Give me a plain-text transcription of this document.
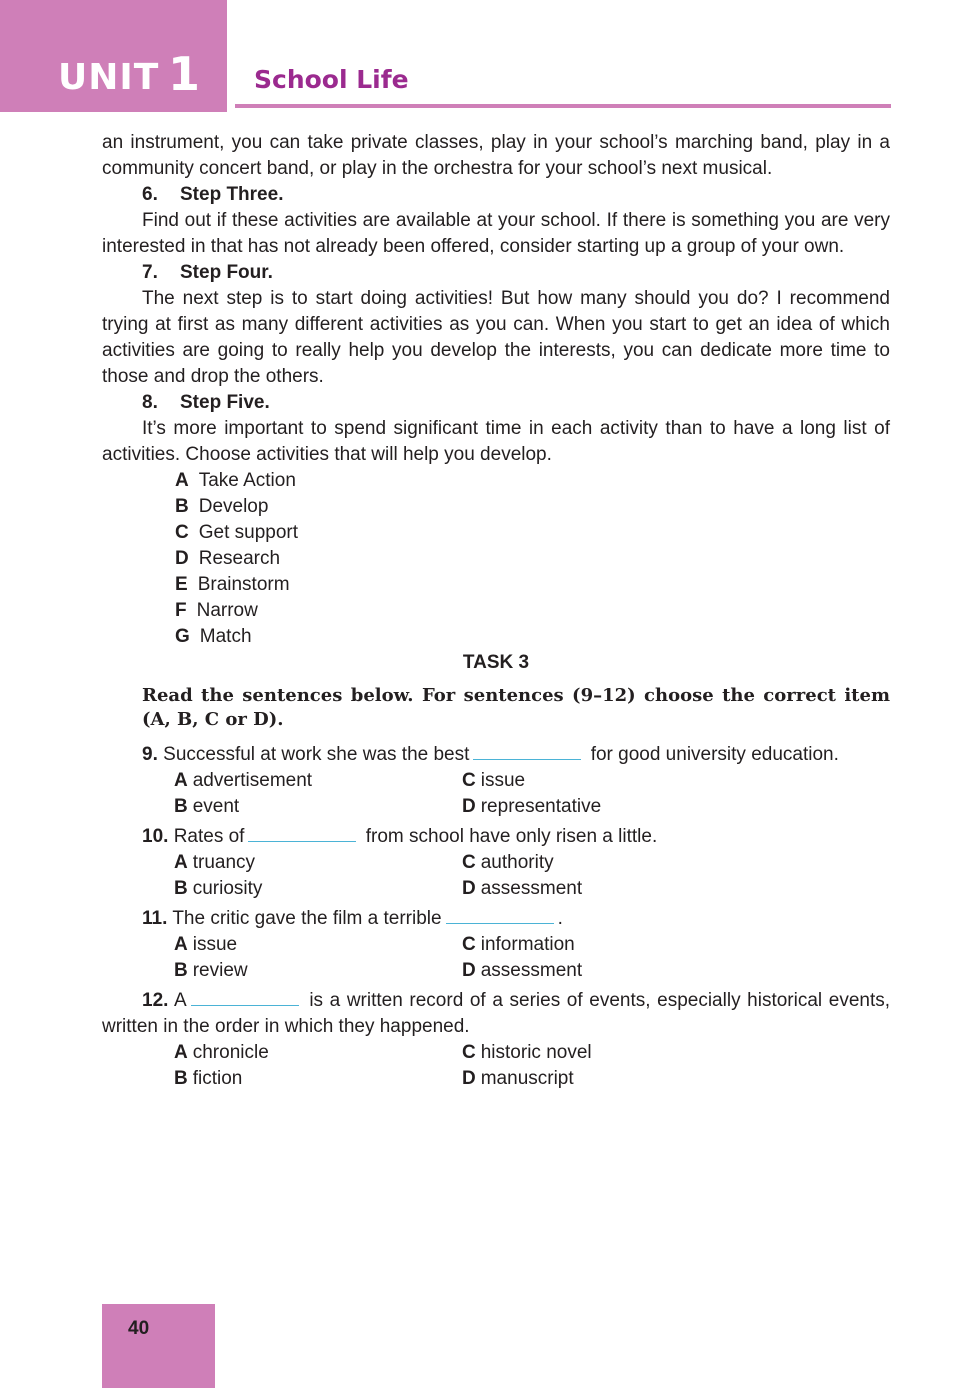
UNIT 1 School Life
an instrument, you can take private classes, play in your school’s marching band, play in a community concert band, or play in the orchestra for your school’s next musical.
6. Step Three.
Find out if these activities are available at your school. If there is something you are very interested in that has not already been offered, consider starting up a group of your own.
7. Step Four.
The next step is to start doing activities! But how many should you do? I recommend trying at first as many different activities as you can. When you start to get an idea of which activities are going to really help you develop the interests, you can dedicate more time to those and drop the others.
8. Step Five.
It’s more important to spend significant time in each activity than to have a long list of activities. Choose activities that will help you develop.
A Take Action
B Develop
C Get support
D Research
E Brainstorm
F Narrow
G Match
TASK 3
Read the sentences below. For sentences (9–12) choose the correct item (A, B, C or D).
9. Successful at work she was the best	for good university education.
A advertisement	C issue
B event	D representative
10. Rates of	from school have only risen a little.
A truancy	C authority
B curiosity	D assessment
11. The critic gave the film a terrible	.
A issue	C information
B review	D assessment
12. A	is a written record of a series of events, especially historical events, written in the order in which they happened.
A chronicle	C historic novel
B fiction	D manuscript
40
